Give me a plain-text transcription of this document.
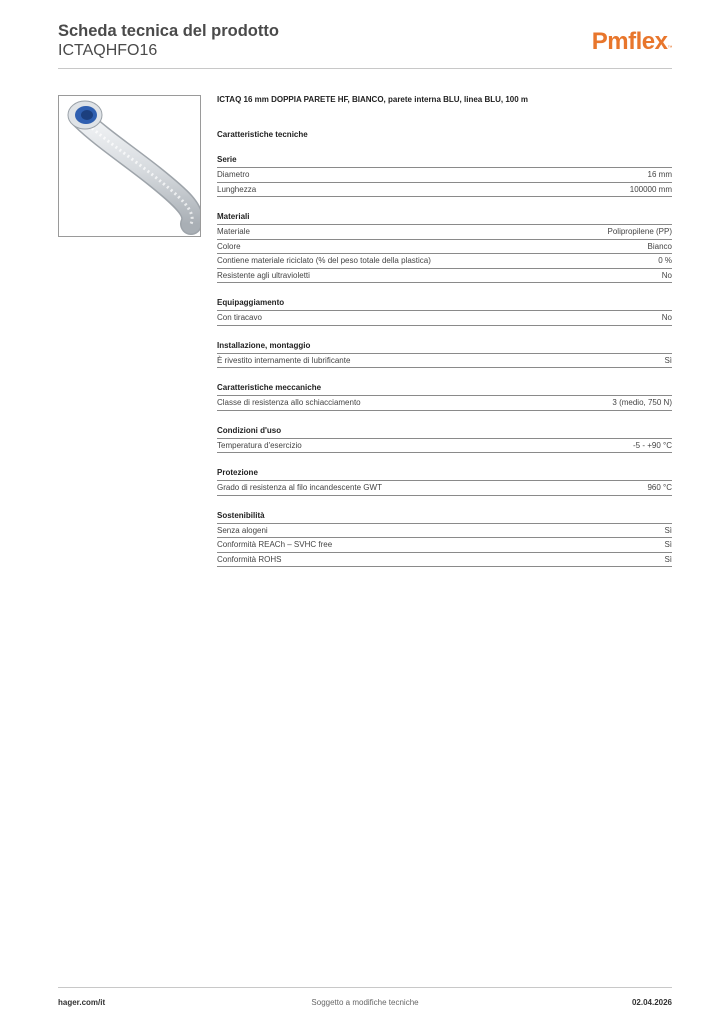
Scheda tecnica del prodotto
ICTAQHFO16	Pmflex™
ICTAQ 16 mm DOPPIA PARETE HF, BIANCO, parete interna BLU, linea BLU, 100 m
Caratteristiche tecniche
Serie
Diametro	16 mm
Lunghezza	100000 mm
Materiali
Materiale	Polipropilene (PP)
Colore	Bianco
Contiene materiale riciclato (% del peso totale della plastica)	0 %
Resistente agli ultravioletti	No
Equipaggiamento
Con tiracavo	No
Installazione, montaggio
È rivestito internamente di lubrificante	Sì
Caratteristiche meccaniche
Classe di resistenza allo schiacciamento	3 (medio, 750 N)
Condizioni d'uso
Temperatura d'esercizio	-5 - +90 °C
Protezione
Grado di resistenza al filo incandescente GWT	960 °C
Sostenibilità
Senza alogeni	Sì
Conformità REACh – SVHC free	Sì
Conformità ROHS	Sì
hager.com/it	Soggetto a modifiche tecniche	02.04.2026
